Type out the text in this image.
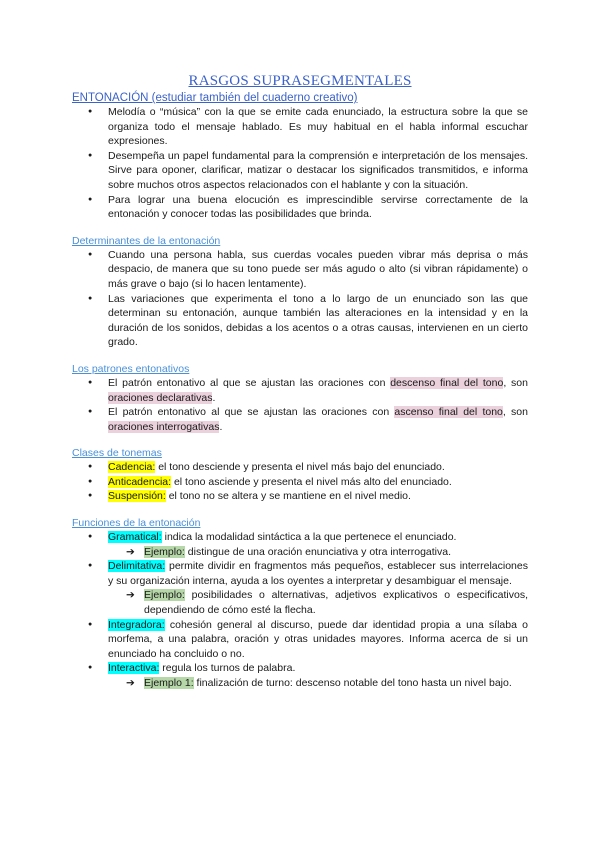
RASGOS SUPRASEGMENTALES
ENTONACIÓN (estudiar también del cuaderno creativo)
● Melodía o “música” con la que se emite cada enunciado, la estructura sobre la que se organiza todo el mensaje hablado. Es muy habitual en el habla informal escuchar expresiones.
● Desempeña un papel fundamental para la comprensión e interpretación de los mensajes. Sirve para oponer, clarificar, matizar o destacar los significados transmitidos, e informa sobre muchos otros aspectos relacionados con el hablante y con la situación.
● Para lograr una buena elocución es imprescindible servirse correctamente de la entonación y conocer todas las posibilidades que brinda.
Determinantes de la entonación
● Cuando una persona habla, sus cuerdas vocales pueden vibrar más deprisa o más despacio, de manera que su tono puede ser más agudo o alto (si vibran rápidamente) o más grave o bajo (si lo hacen lentamente).
● Las variaciones que experimenta el tono a lo largo de un enunciado son las que determinan su entonación, aunque también las alteraciones en la intensidad y en la duración de los sonidos, debidas a los acentos o a otras causas, intervienen en un cierto grado.
Los patrones entonativos
● El patrón entonativo al que se ajustan las oraciones con descenso final del tono, son oraciones declarativas.
● El patrón entonativo al que se ajustan las oraciones con ascenso final del tono, son oraciones interrogativas.
Clases de tonemas
● Cadencia: el tono desciende y presenta el nivel más bajo del enunciado.
● Anticadencia: el tono asciende y presenta el nivel más alto del enunciado.
● Suspensión: el tono no se altera y se mantiene en el nivel medio.
Funciones de la entonación
● Gramatical: indica la modalidad sintáctica a la que pertenece el enunciado.
➔ Ejemplo: distingue de una oración enunciativa y otra interrogativa.
● Delimitativa: permite dividir en fragmentos más pequeños, establecer sus interrelaciones y su organización interna, ayuda a los oyentes a interpretar y desambiguar el mensaje.
➔ Ejemplo: posibilidades o alternativas, adjetivos explicativos o especificativos, dependiendo de cómo esté la flecha.
● Integradora: cohesión general al discurso, puede dar identidad propia a una sílaba o morfema, a una palabra, oración y otras unidades mayores. Informa acerca de si un enunciado ha concluido o no.
● Interactiva: regula los turnos de palabra.
➔ Ejemplo 1: finalización de turno: descenso notable del tono hasta un nivel bajo.
